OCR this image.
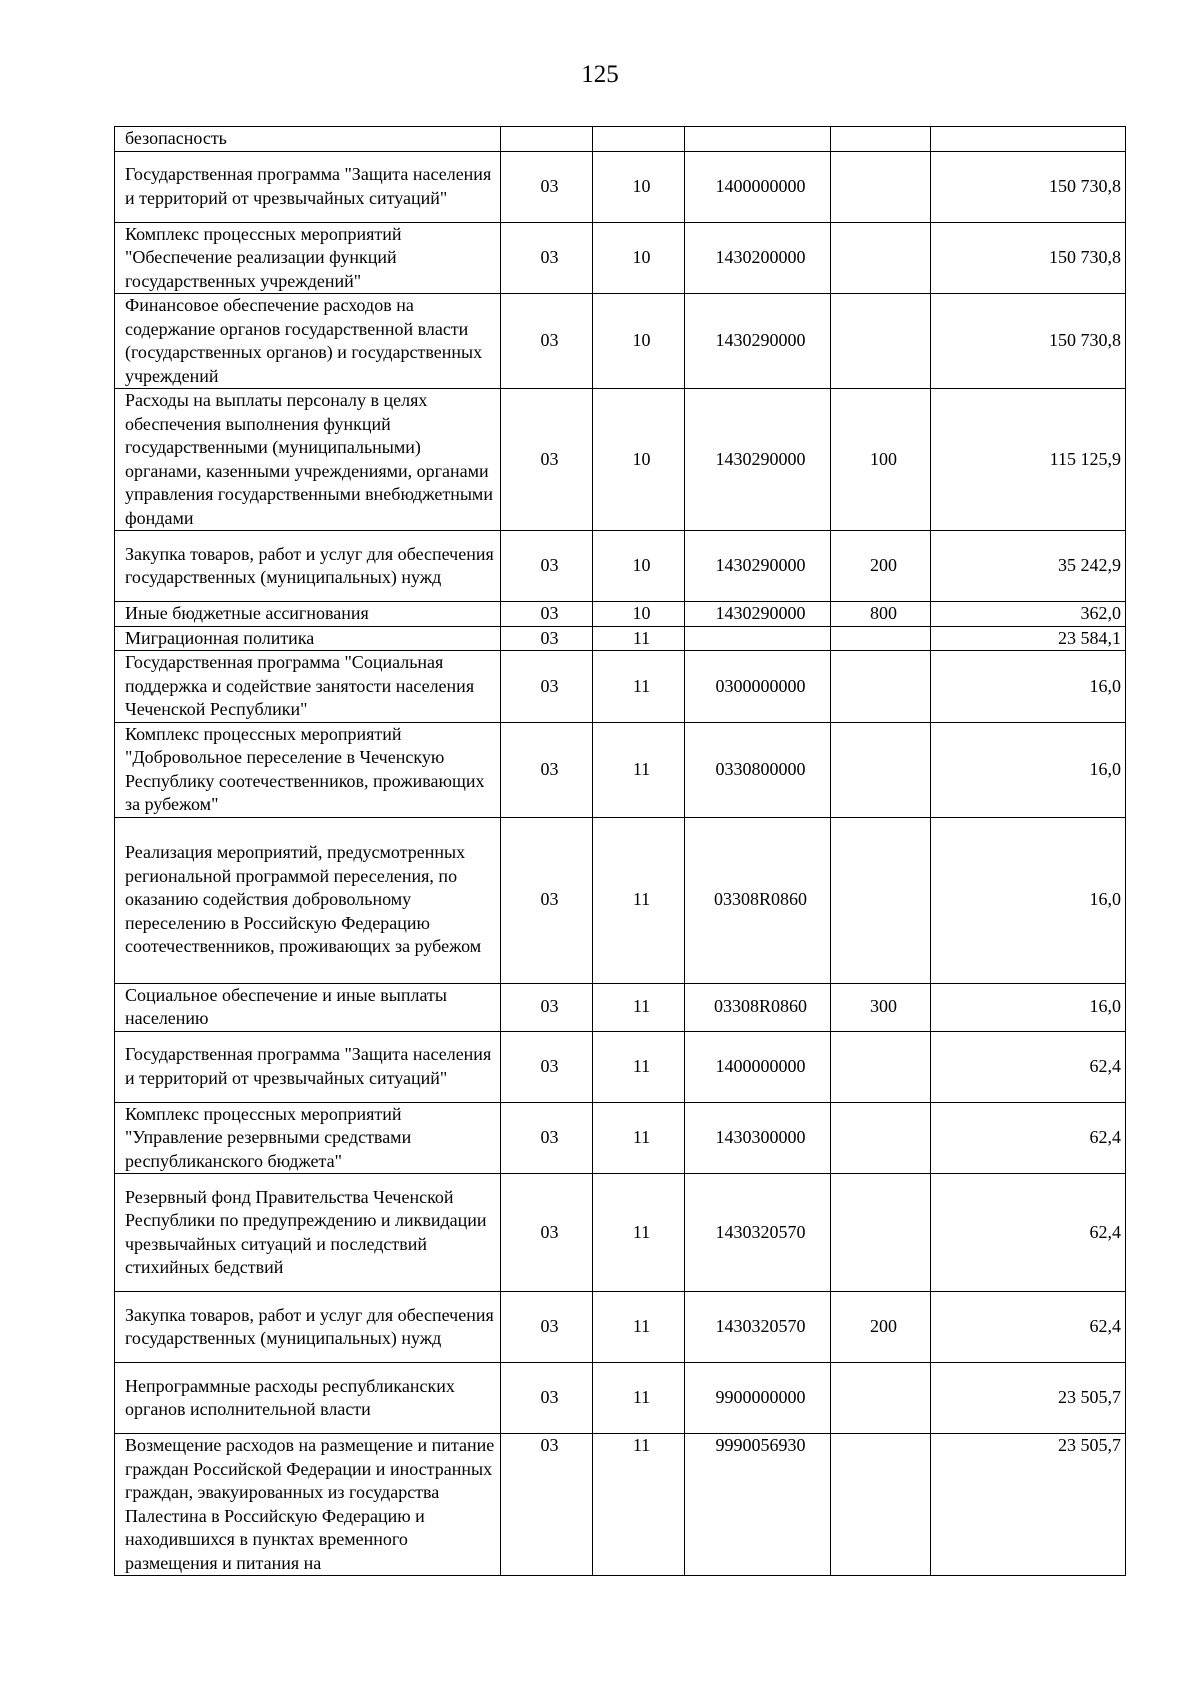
125
безопасность					
Государственная программа "Защита населения и территорий от чрезвычайных ситуаций"	03	10	1400000000		150 730,8
Комплекс процессных мероприятий "Обеспечение реализации функций государственных учреждений"	03	10	1430200000		150 730,8
Финансовое обеспечение расходов на содержание органов государственной власти (государственных органов) и государственных учреждений	03	10	1430290000		150 730,8
Расходы на выплаты персоналу в целях обеспечения выполнения функций государственными (муниципальными) органами, казенными учреждениями, органами управления государственными внебюджетными фондами	03	10	1430290000	100	115 125,9
Закупка товаров, работ и услуг для обеспечения государственных (муниципальных) нужд	03	10	1430290000	200	35 242,9
Иные бюджетные ассигнования	03	10	1430290000	800	362,0
Миграционная политика	03	11			23 584,1
Государственная программа "Социальная поддержка и содействие занятости населения Чеченской Республики"	03	11	0300000000		16,0
Комплекс процессных мероприятий "Добровольное переселение в Чеченскую Республику соотечественников, проживающих за рубежом"	03	11	0330800000		16,0
Реализация мероприятий, предусмотренных региональной программой переселения, по оказанию содействия добровольному переселению в Российскую Федерацию соотечественников, проживающих за рубежом	03	11	03308R0860		16,0
Социальное обеспечение и иные выплаты населению	03	11	03308R0860	300	16,0
Государственная программа "Защита населения и территорий от чрезвычайных ситуаций"	03	11	1400000000		62,4
Комплекс процессных мероприятий "Управление резервными средствами республиканского бюджета"	03	11	1430300000		62,4
Резервный фонд Правительства Чеченской Республики по предупреждению и ликвидации чрезвычайных ситуаций и последствий стихийных бедствий	03	11	1430320570		62,4
Закупка товаров, работ и услуг для обеспечения государственных (муниципальных) нужд	03	11	1430320570	200	62,4
Непрограммные расходы республиканских органов исполнительной власти	03	11	9900000000		23 505,7
Возмещение расходов на размещение и питание граждан Российской Федерации и иностранных граждан, эвакуированных из государства Палестина в Российскую Федерацию и находившихся в пунктах временного размещения и питания на	03	11	9990056930		23 505,7
